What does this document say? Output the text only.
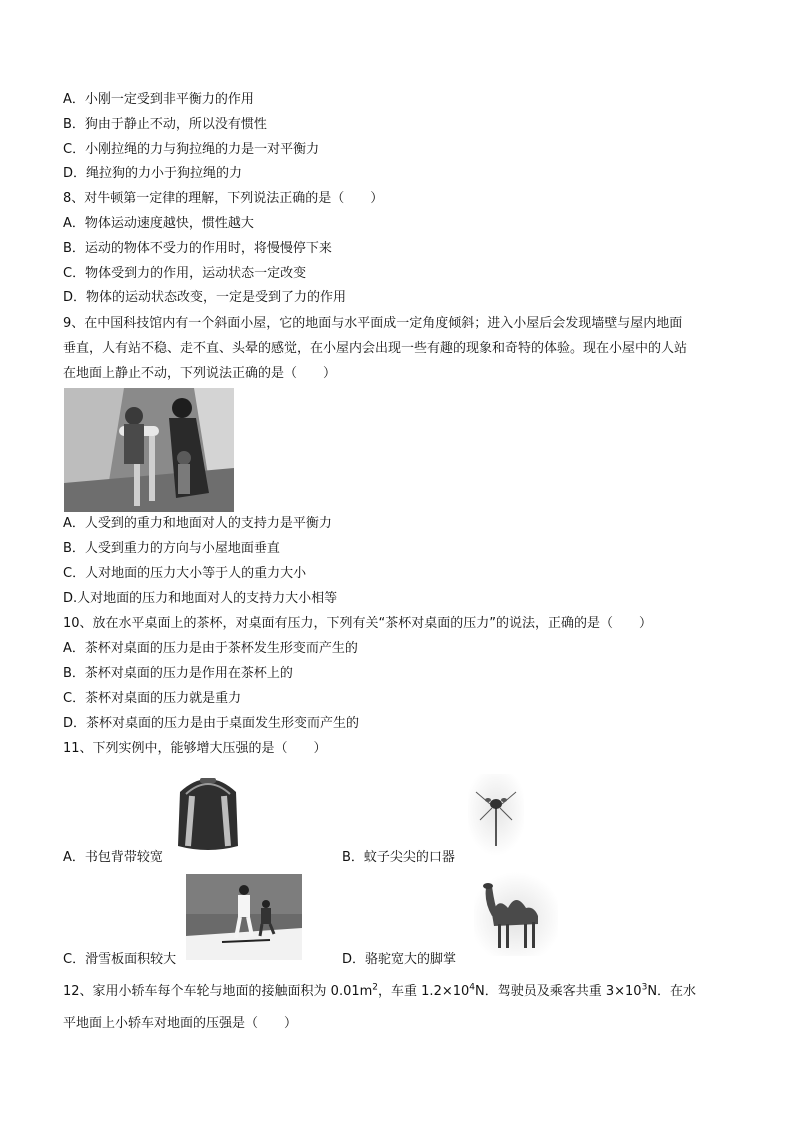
A．小刚一定受到非平衡力的作用
B．狗由于静止不动，所以没有惯性
C．小刚拉绳的力与狗拉绳的力是一对平衡力
D．绳拉狗的力小于狗拉绳的力
8、对牛顿第一定律的理解，下列说法正确的是（　　）
A．物体运动速度越快，惯性越大
B．运动的物体不受力的作用时，将慢慢停下来
C．物体受到力的作用，运动状态一定改变
D．物体的运动状态改变，一定是受到了力的作用
9、在中国科技馆内有一个斜面小屋，它的地面与水平面成一定角度倾斜；进入小屋后会发现墙壁与屋内地面
垂直，人有站不稳、走不直、头晕的感觉，在小屋内会出现一些有趣的现象和奇特的体验。现在小屋中的人站
在地面上静止不动，下列说法正确的是（　　）
A．人受到的重力和地面对人的支持力是平衡力
B．人受到重力的方向与小屋地面垂直
C．人对地面的压力大小等于人的重力大小
D.人对地面的压力和地面对人的支持力大小相等
10、放在水平桌面上的茶杯，对桌面有压力，下列有关“茶杯对桌面的压力”的说法，正确的是（　　）
A．茶杯对桌面的压力是由于茶杯发生形变而产生的
B．茶杯对桌面的压力是作用在茶杯上的
C．茶杯对桌面的压力就是重力
D．茶杯对桌面的压力是由于桌面发生形变而产生的
11、下列实例中，能够增大压强的是（　　）
A．书包背带较宽	B．蚊子尖尖的口器
C．滑雪板面积较大	D．骆驼宽大的脚掌
12、家用小轿车每个车轮与地面的接触面积为 $0.01m^2$，车重 $1.2\times 10^4N$．驾驶员及乘客共重 $3\times 10^3N$．在水
平地面上小轿车对地面的压强是（　　）
